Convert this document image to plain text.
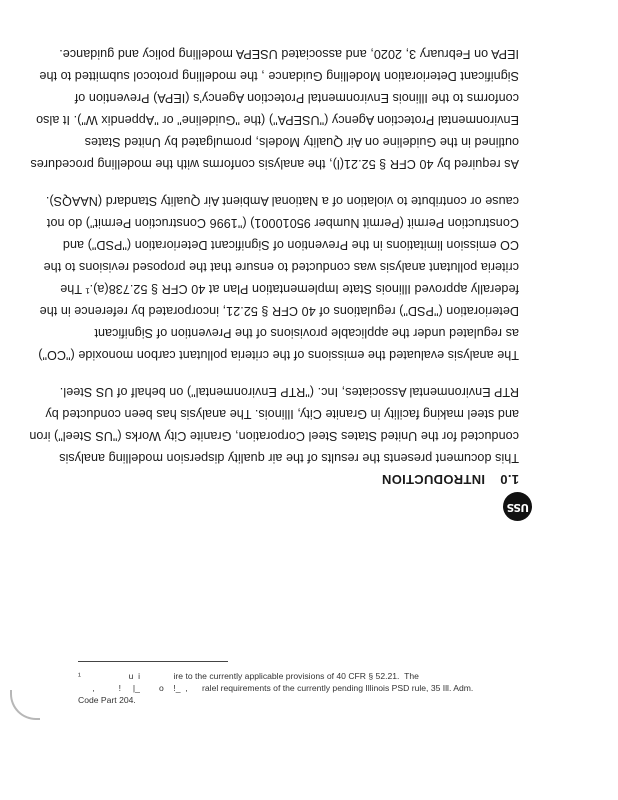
IEPA on February 3, 2020, and associated USEPA modelling policy and guidance.
Significant Deterioration Modelling Guidance , the modelling protocol submitted to the
conforms to the Illinois Environmental Protection Agency's (IEPA) Prevention of
Environmental Protection Agency ("USEPA") (the "Guideline" or "Appendix W"). It also
outlined in the Guideline on Air Quality Models, promulgated by United States
As required by 40 CFR § 52.21(l), the analysis conforms with the modelling procedures
cause or contribute to violation of a National Ambient Air Quality Standard (NAAQS).
Construction Permit (Permit Number 95010001) ("1996 Construction Permit") do not
CO emission limitations in the Prevention of Significant Deterioration ("PSD") and
criteria pollutant analysis was conducted to ensure that the proposed revisions to the
federally approved Illinois State Implementation Plan at 40 CFR § 52.738(a).¹ The
Deterioration ("PSD") regulations of 40 CFR § 52.21, incorporated by reference in the
as regulated under the applicable provisions of the Prevention of Significant
The analysis evaluated the emissions of the criteria pollutant carbon monoxide ("CO")
RTP Environmental Associates, Inc. ("RTP Environmental") on behalf of US Steel.
and steel making facility in Granite City, Illinois. The analysis has been conducted by
conducted for the United States Steel Corporation, Granite City Works ("US Steel") iron
This document presents the results of the air quality dispersion modelling analysis
1.0INTRODUCTION
USS
¹                    u  i              ire to the currently applicable provisions of 40 CFR § 52.21.  The
,          !     |_        o    !_  ,      ralel requirements of the currently pending Illinois PSD rule, 35 Ill. Adm.
Code Part 204.
